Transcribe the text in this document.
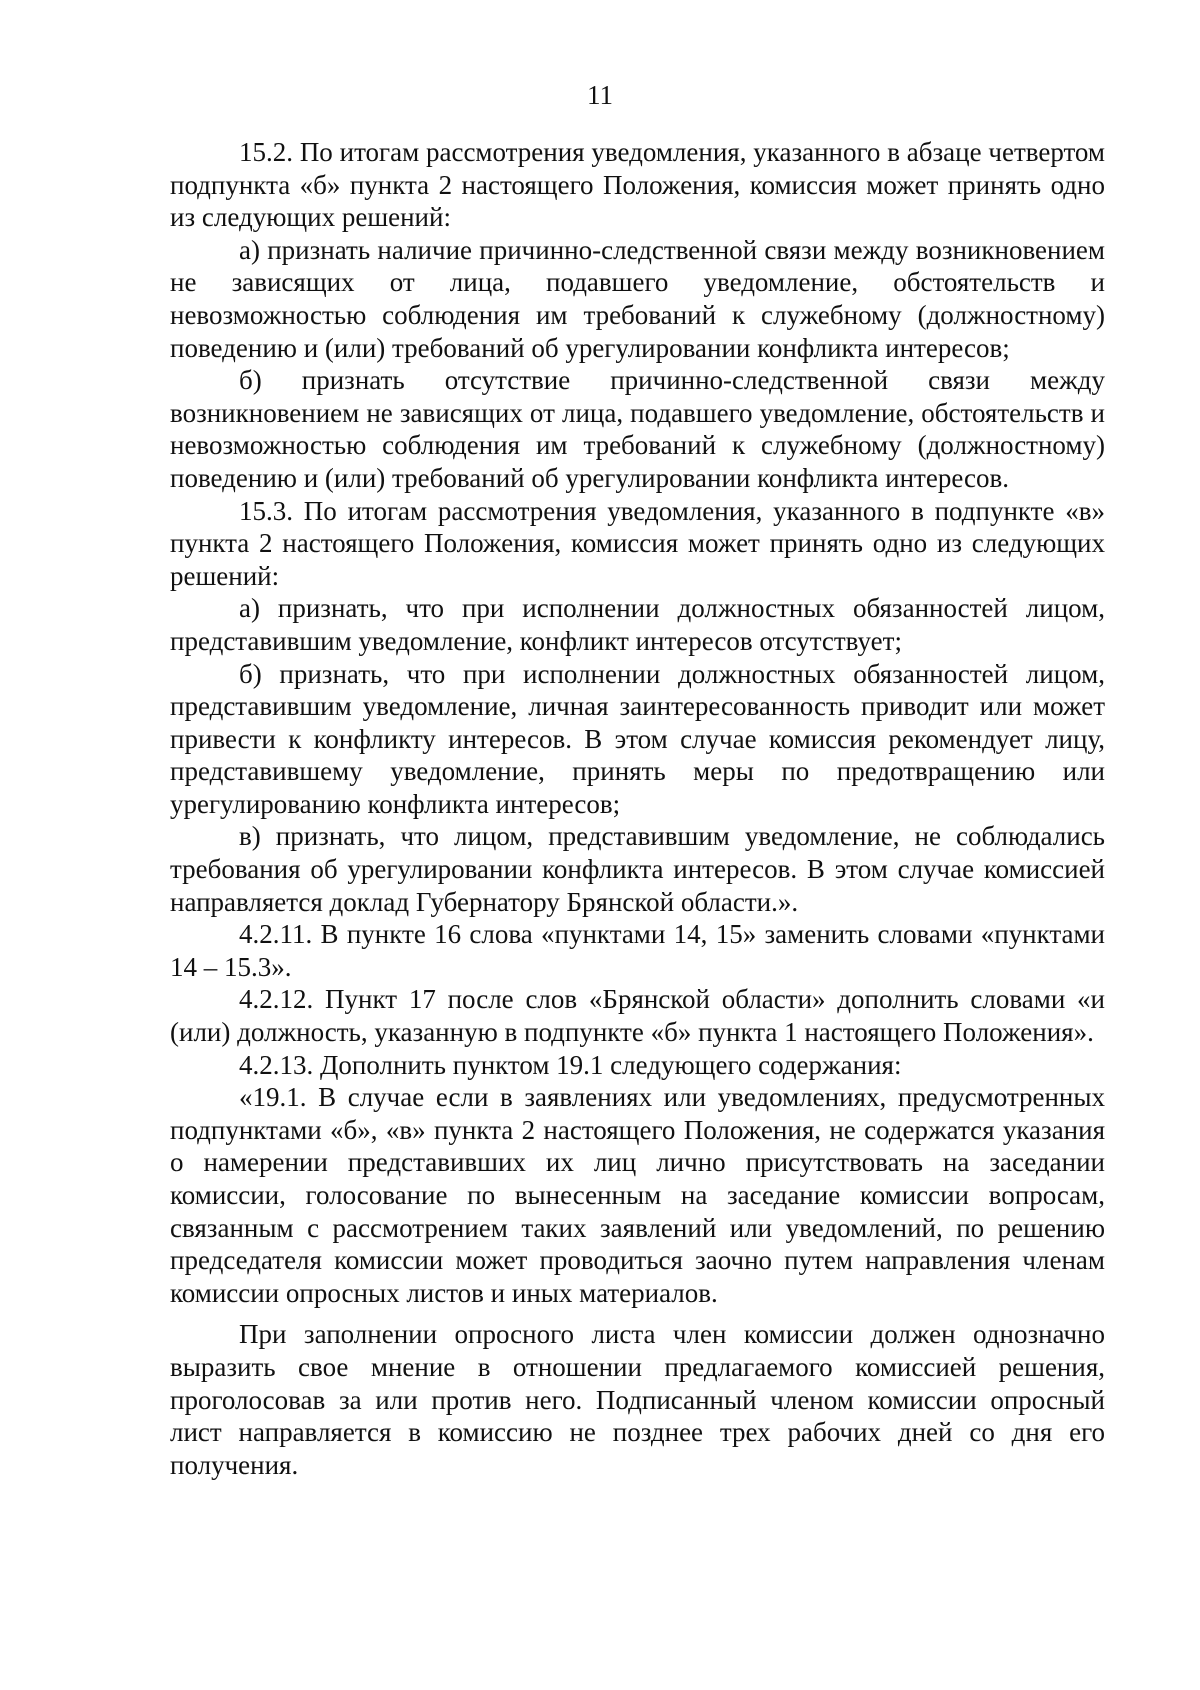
11

15.2. По итогам рассмотрения уведомления, указанного в абзаце четвертом подпункта «б» пункта 2 настоящего Положения, комиссия может принять одно из следующих решений:

а) признать наличие причинно-следственной связи между возникновением не зависящих от лица, подавшего уведомление, обстоятельств и невозможностью соблюдения им требований к служебному (должностному) поведению и (или) требований об урегулировании конфликта интересов;

б) признать отсутствие причинно-следственной связи между возникновением не зависящих от лица, подавшего уведомление, обстоятельств и невозможностью соблюдения им требований к служебному (должностному) поведению и (или) требований об урегулировании конфликта интересов.

15.3. По итогам рассмотрения уведомления, указанного в подпункте «в» пункта 2 настоящего Положения, комиссия может принять одно из следующих решений:

а) признать, что при исполнении должностных обязанностей лицом, представившим уведомление, конфликт интересов отсутствует;

б) признать, что при исполнении должностных обязанностей лицом, представившим уведомление, личная заинтересованность приводит или может привести к конфликту интересов. В этом случае комиссия рекомендует лицу, представившему уведомление, принять меры по предотвращению или урегулированию конфликта интересов;

в) признать, что лицом, представившим уведомление, не соблюдались требования об урегулировании конфликта интересов. В этом случае комиссией направляется доклад Губернатору Брянской области.».

4.2.11. В пункте 16 слова «пунктами 14, 15» заменить словами «пунктами 14 – 15.3».

4.2.12. Пункт 17 после слов «Брянской области» дополнить словами «и (или) должность, указанную в подпункте «б» пункта 1 настоящего Положения».

4.2.13. Дополнить пунктом 19.1 следующего содержания:

«19.1. В случае если в заявлениях или уведомлениях, предусмотренных подпунктами «б», «в» пункта 2 настоящего Положения, не содержатся указания о намерении представивших их лиц лично присутствовать на заседании комиссии, голосование по вынесенным на заседание комиссии вопросам, связанным с рассмотрением таких заявлений или уведомлений, по решению председателя комиссии может проводиться заочно путем направления членам комиссии опросных листов и иных материалов.

При заполнении опросного листа член комиссии должен однозначно выразить свое мнение в отношении предлагаемого комиссией решения, проголосовав за или против него. Подписанный членом комиссии опросный лист направляется в комиссию не позднее трех рабочих дней со дня его получения.
